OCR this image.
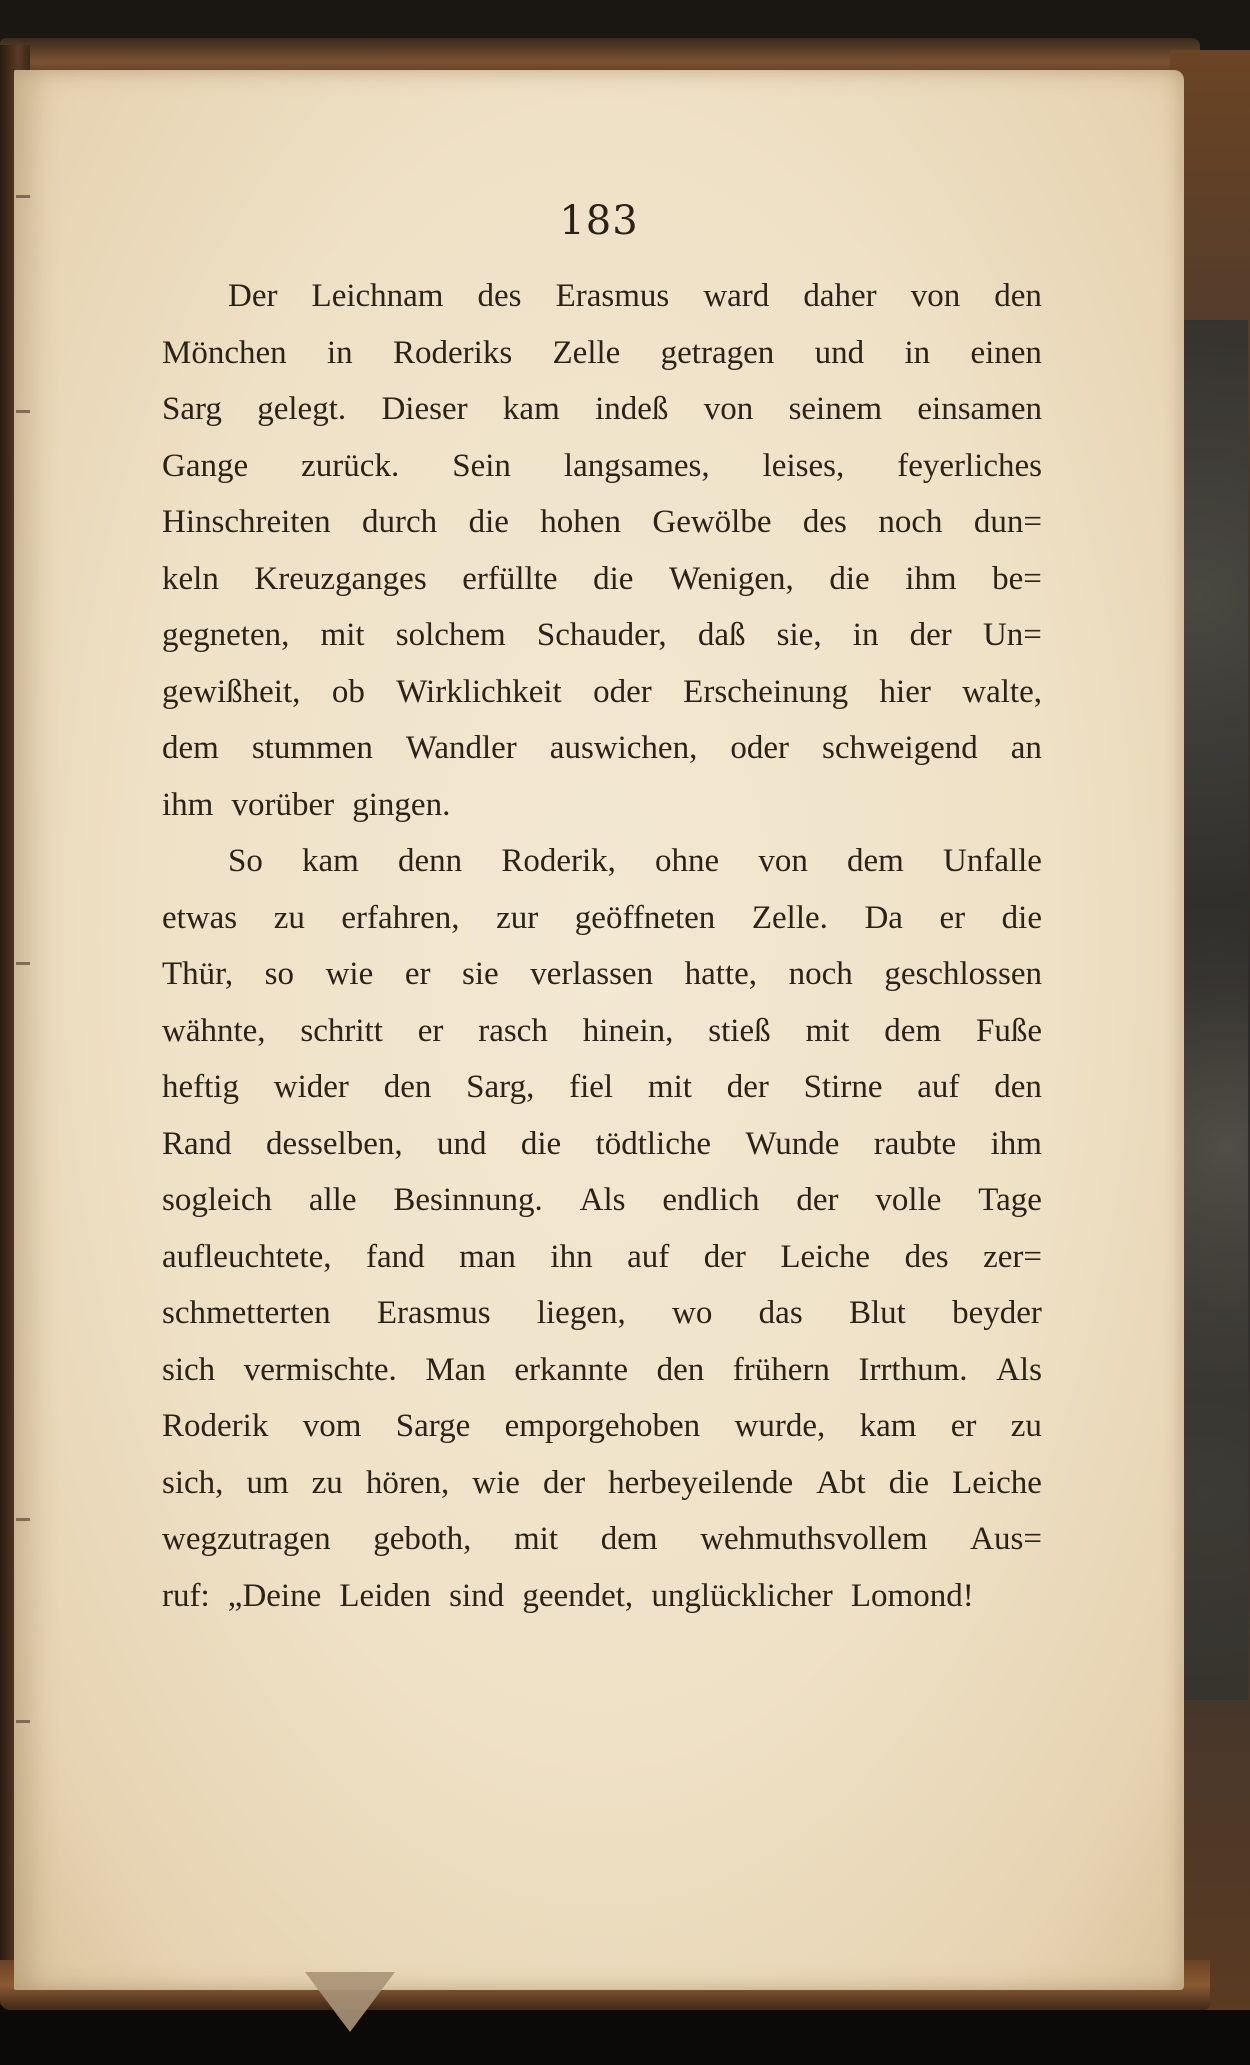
183
Der Leichnam des Erasmus ward daher von den
Mönchen in Roderiks Zelle getragen und in einen
Sarg gelegt. Dieser kam indeß von seinem einsamen
Gange zurück. Sein langsames, leises, feyerliches
Hinschreiten durch die hohen Gewölbe des noch dun=
keln Kreuzganges erfüllte die Wenigen, die ihm be=
gegneten, mit solchem Schauder, daß sie, in der Un=
gewißheit, ob Wirklichkeit oder Erscheinung hier walte,
dem stummen Wandler auswichen, oder schweigend an
ihm vorüber gingen.
So kam denn Roderik, ohne von dem Unfalle
etwas zu erfahren, zur geöffneten Zelle. Da er die
Thür, so wie er sie verlassen hatte, noch geschlossen
wähnte, schritt er rasch hinein, stieß mit dem Fuße
heftig wider den Sarg, fiel mit der Stirne auf den
Rand desselben, und die tödtliche Wunde raubte ihm
sogleich alle Besinnung. Als endlich der volle Tage
aufleuchtete, fand man ihn auf der Leiche des zer=
schmetterten Erasmus liegen, wo das Blut beyder
sich vermischte. Man erkannte den frühern Irrthum. Als
Roderik vom Sarge emporgehoben wurde, kam er zu
sich, um zu hören, wie der herbeyeilende Abt die Leiche
wegzutragen geboth, mit dem wehmuthsvollem Aus=
ruf: „Deine Leiden sind geendet, unglücklicher Lomond!
